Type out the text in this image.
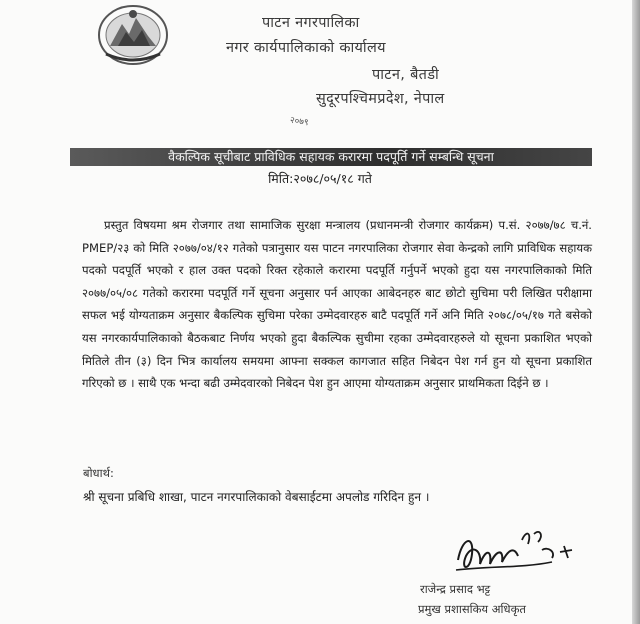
पाटन नगरपालिका
नगर कार्यपालिकाको कार्यालय
पाटन, बैतडी
सुदूरपश्चिमप्रदेश, नेपाल
२०७९
वैकल्पिक सूचीबाट प्राविधिक सहायक करारमा पदपूर्ति गर्ने सम्बन्धि सूचना
मिति:२०७८/०५/१८ गते
प्रस्तुत विषयमा श्रम रोजगार तथा सामाजिक सुरक्षा मन्त्रालय (प्रधानमन्त्री रोजगार कार्यक्रम) प.सं. २०७७/७८ च.नं. PMEP/२३ को मिति २०७७/०४/१२ गतेको पत्रानुसार यस पाटन नगरपालिका रोजगार सेवा केन्द्रको लागि प्राविधिक सहायक पदको पदपूर्ति भएको र हाल उक्त पदको रिक्त रहेकाले करारमा पदपूर्ति गर्नुपर्ने भएको हुदा यस नगरपालिकाको मिति २०७७/०५/०८ गतेको करारमा पदपूर्ति गर्ने सूचना अनुसार पर्न आएका आबेदनहरु बाट छोटो सुचिमा परी लिखित परीक्षामा सफल भई योग्यताक्रम अनुसार बैकल्पिक सुचिमा परेका उम्मेदवारहरु बाटै पदपूर्ति गर्ने अनि मिति २०७८/०५/१७ गते बसेको यस नगरकार्यपालिकाको बैठकबाट निर्णय भएको हुदा बैकल्पिक सुचीमा रहका उम्मेदवारहरुले यो सूचना प्रकाशित भएको मितिले तीन (३) दिन भित्र कार्यालय समयमा आफ्ना सक्कल कागजात सहित निबेदन पेश गर्न हुन यो सूचना प्रकाशित गरिएको छ । साथै एक भन्दा बढी उम्मेदवारको निबेदन पेश हुन आएमा योग्यताक्रम अनुसार प्राथमिकता दिईने छ ।
बोधार्थ:
श्री सूचना प्रबिधि शाखा, पाटन नगरपालिकाको वेबसाईटमा अपलोड गरिदिन हुन ।
राजेन्द्र प्रसाद भट्ट
प्रमुख प्रशासकिय अधिकृत
